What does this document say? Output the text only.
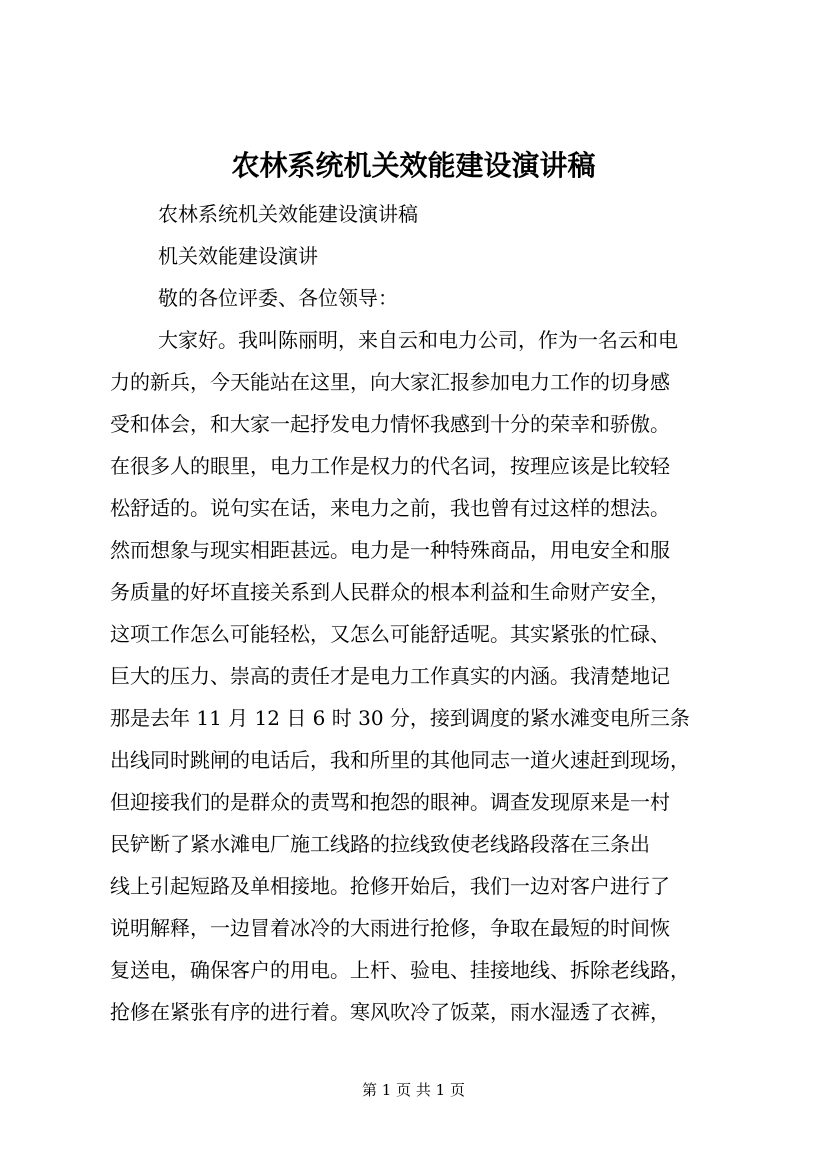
农林系统机关效能建设演讲稿
农林系统机关效能建设演讲稿
机关效能建设演讲
敬的各位评委、各位领导：
大家好。我叫陈丽明，来自云和电力公司，作为一名云和电
力的新兵，今天能站在这里，向大家汇报参加电力工作的切身感
受和体会，和大家一起抒发电力情怀我感到十分的荣幸和骄傲。
在很多人的眼里，电力工作是权力的代名词，按理应该是比较轻
松舒适的。说句实在话，来电力之前，我也曾有过这样的想法。
然而想象与现实相距甚远。电力是一种特殊商品，用电安全和服
务质量的好坏直接关系到人民群众的根本利益和生命财产安全，
这项工作怎么可能轻松，又怎么可能舒适呢。其实紧张的忙碌、
巨大的压力、崇高的责任才是电力工作真实的内涵。我清楚地记
那是去年 11 月 12 日 6 时 30 分，接到调度的紧水滩变电所三条
出线同时跳闸的电话后，我和所里的其他同志一道火速赶到现场，
但迎接我们的是群众的责骂和抱怨的眼神。调查发现原来是一村
民铲断了紧水滩电厂施工线路的拉线致使老线路段落在三条出
线上引起短路及单相接地。抢修开始后，我们一边对客户进行了
说明解释，一边冒着冰冷的大雨进行抢修，争取在最短的时间恢
复送电，确保客户的用电。上杆、验电、挂接地线、拆除老线路，
抢修在紧张有序的进行着。寒风吹冷了饭菜，雨水湿透了衣裤，
第 1 页 共 1 页
